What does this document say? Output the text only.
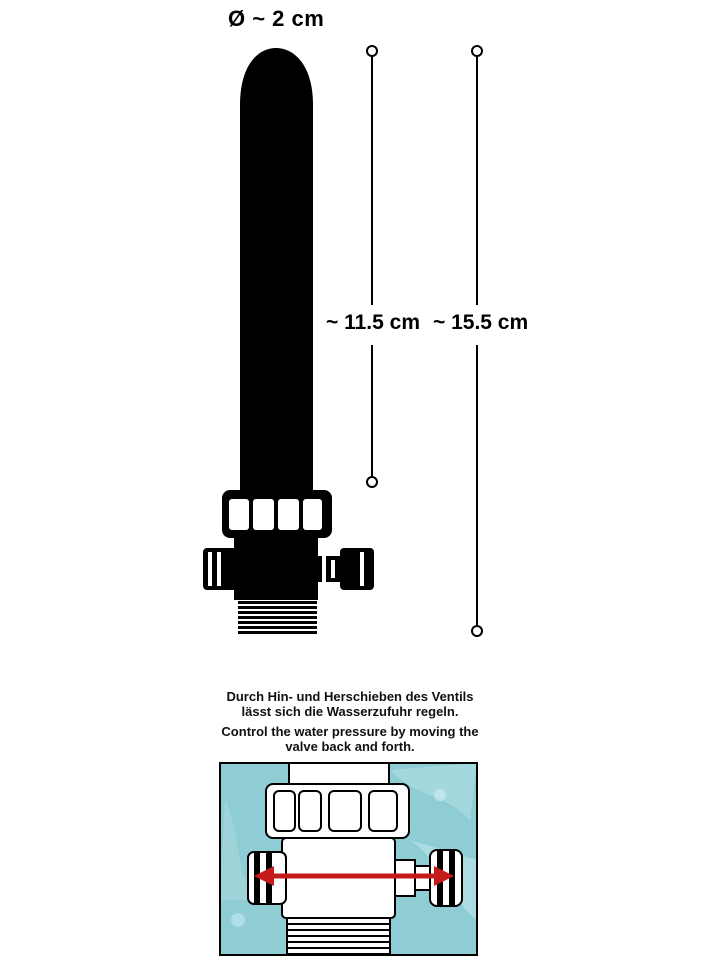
Ø ~ 2 cm
~ 11.5 cm ~ 15.5 cm
Durch Hin- und Herschieben des Ventils
lässt sich die Wasserzufuhr regeln.
Control the water pressure by moving the
valve back and forth.
